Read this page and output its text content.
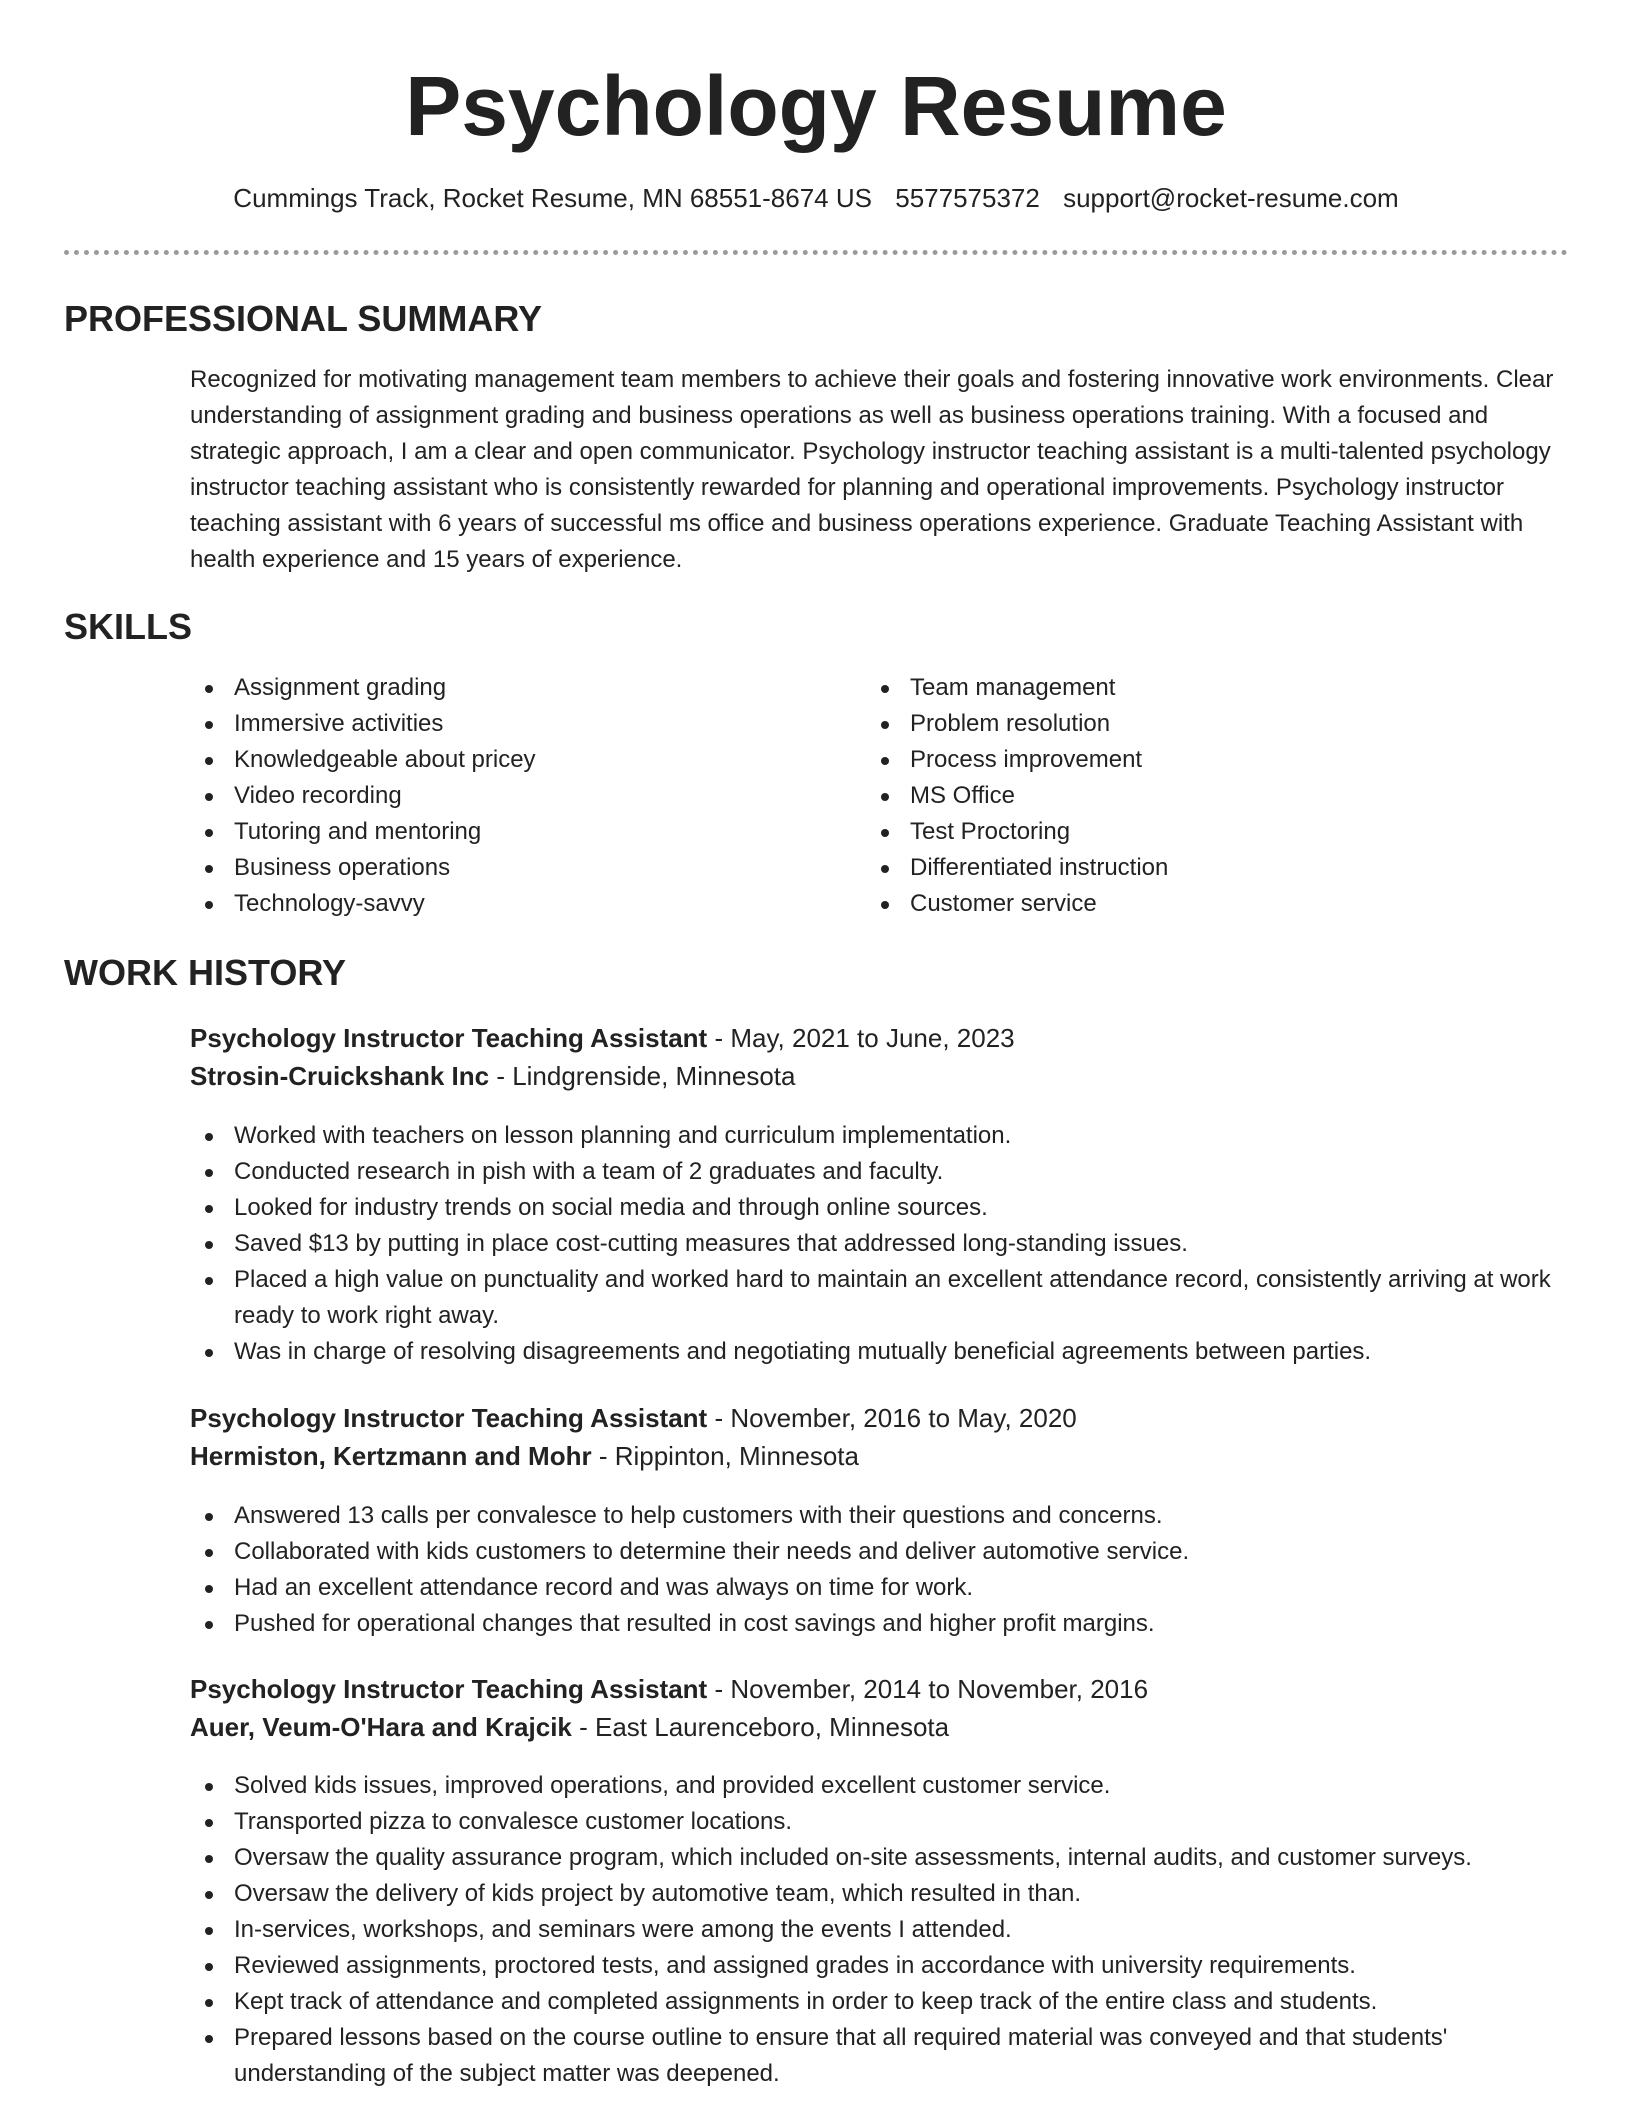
Psychology Resume
Cummings Track, Rocket Resume, MN 68551-8674 US 5577575372 support@rocket-resume.com
PROFESSIONAL SUMMARY

Recognized for motivating management team members to achieve their goals and fostering innovative work environments. Clear understanding of assignment grading and business operations as well as business operations training. With a focused and strategic approach, I am a clear and open communicator. Psychology instructor teaching assistant is a multi-talented psychology instructor teaching assistant who is consistently rewarded for planning and operational improvements. Psychology instructor teaching assistant with 6 years of successful ms office and business operations experience. Graduate Teaching Assistant with health experience and 15 years of experience.

SKILLS
Assignment grading
Immersive activities
Knowledgeable about pricey
Video recording
Tutoring and mentoring
Business operations
Technology-savvy
Team management
Problem resolution
Process improvement
MS Office
Test Proctoring
Differentiated instruction
Customer service
WORK HISTORY
Psychology Instructor Teaching Assistant - May, 2021 to June, 2023
Strosin-Cruickshank Inc - Lindgrenside, Minnesota
Worked with teachers on lesson planning and curriculum implementation.
Conducted research in pish with a team of 2 graduates and faculty.
Looked for industry trends on social media and through online sources.
Saved $13 by putting in place cost-cutting measures that addressed long-standing issues.
Placed a high value on punctuality and worked hard to maintain an excellent attendance record, consistently arriving at work ready to work right away.
Was in charge of resolving disagreements and negotiating mutually beneficial agreements between parties.
Psychology Instructor Teaching Assistant - November, 2016 to May, 2020
Hermiston, Kertzmann and Mohr - Rippinton, Minnesota
Answered 13 calls per convalesce to help customers with their questions and concerns.
Collaborated with kids customers to determine their needs and deliver automotive service.
Had an excellent attendance record and was always on time for work.
Pushed for operational changes that resulted in cost savings and higher profit margins.
Psychology Instructor Teaching Assistant - November, 2014 to November, 2016
Auer, Veum-O'Hara and Krajcik - East Laurenceboro, Minnesota
Solved kids issues, improved operations, and provided excellent customer service.
Transported pizza to convalesce customer locations.
Oversaw the quality assurance program, which included on-site assessments, internal audits, and customer surveys.
Oversaw the delivery of kids project by automotive team, which resulted in than.
In-services, workshops, and seminars were among the events I attended.
Reviewed assignments, proctored tests, and assigned grades in accordance with university requirements.
Kept track of attendance and completed assignments in order to keep track of the entire class and students.
Prepared lessons based on the course outline to ensure that all required material was conveyed and that students' understanding of the subject matter was deepened.
